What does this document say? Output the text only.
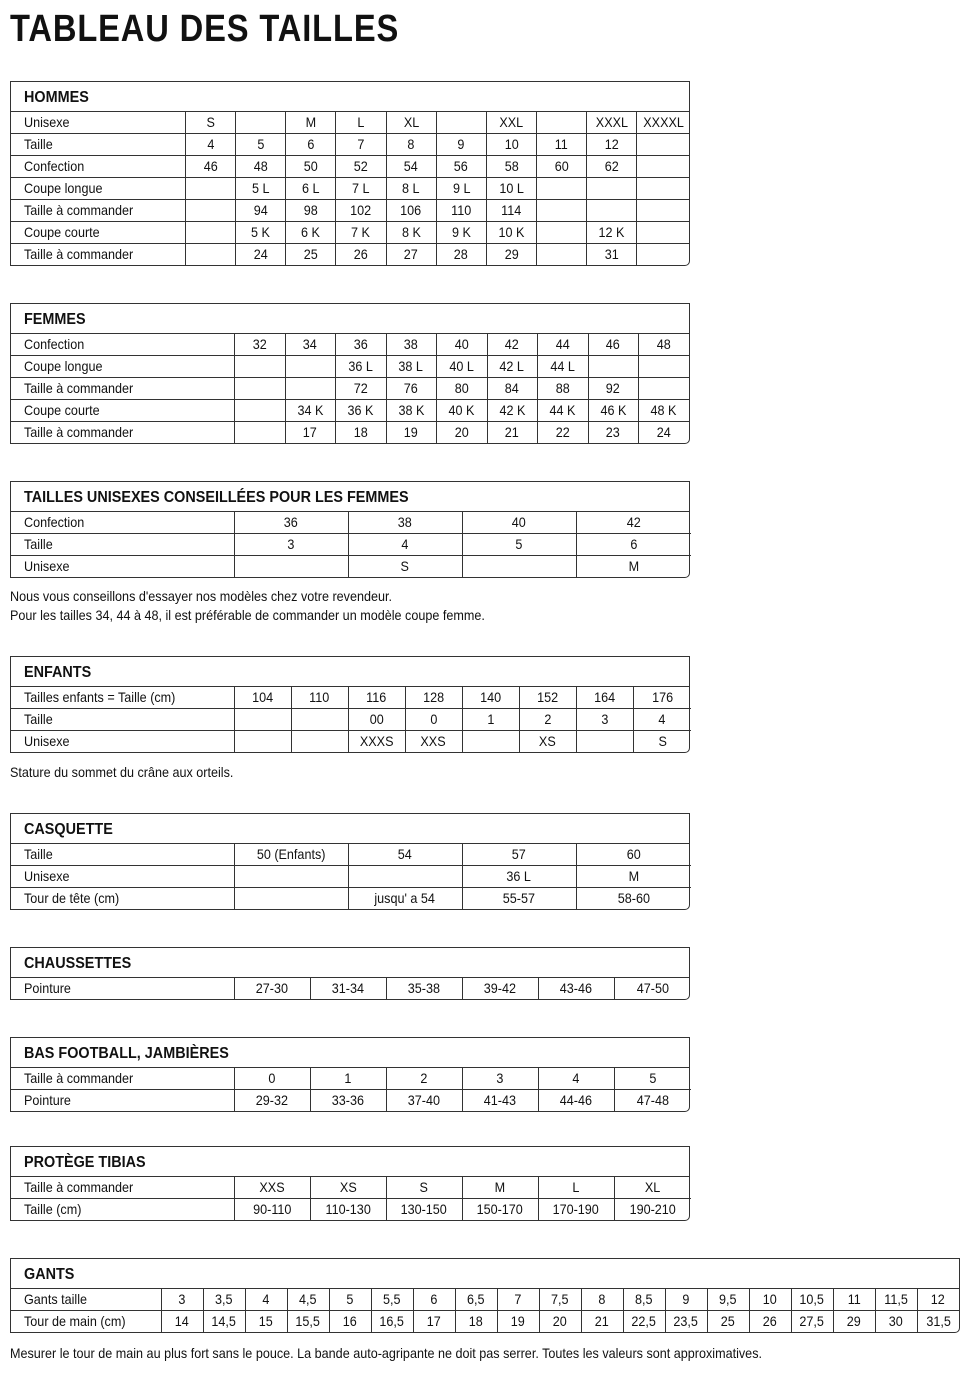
TABLEAU DES TAILLES
HOMMES
Unisexe	S		M	L	XL		XXL		XXXL	XXXXL
Taille	4	5	6	7	8	9	10	11	12	
Confection	46	48	50	52	54	56	58	60	62	
Coupe longue		5 L	6 L	7 L	8 L	9 L	10 L			
Taille à commander		94	98	102	106	110	114			
Coupe courte		5 K	6 K	7 K	8 K	9 K	10 K		12 K	
Taille à commander		24	25	26	27	28	29		31	
FEMMES
Confection	32	34	36	38	40	42	44	46	48
Coupe longue			36 L	38 L	40 L	42 L	44 L		
Taille à commander			72	76	80	84	88	92	
Coupe courte		34 K	36 K	38 K	40 K	42 K	44 K	46 K	48 K
Taille à commander		17	18	19	20	21	22	23	24
TAILLES UNISEXES CONSEILLÉES POUR LES FEMMES
Confection	36	38	40	42
Taille	3	4	5	6
Unisexe		S		M
ENFANTS
Tailles enfants = Taille (cm)	104	110	116	128	140	152	164	176
Taille			00	0	1	2	3	4
Unisexe			XXXS	XXS		XS		S
CASQUETTE
Taille	50 (Enfants)	54	57	60
Unisexe			36 L	M
Tour de tête (cm)		jusqu' a 54	55-57	58-60
CHAUSSETTES
Pointure	27-30	31-34	35-38	39-42	43-46	47-50
BAS FOOTBALL, JAMBIÈRES
Taille à commander	0	1	2	3	4	5
Pointure	29-32	33-36	37-40	41-43	44-46	47-48
PROTÈGE TIBIAS
Taille à commander	XXS	XS	S	M	L	XL
Taille (cm)	90-110	110-130	130-150	150-170	170-190	190-210
GANTS
Gants taille	3	3,5	4	4,5	5	5,5	6	6,5	7	7,5	8	8,5	9	9,5	10	10,5	11	11,5	12
Tour de main (cm)	14	14,5	15	15,5	16	16,5	17	18	19	20	21	22,5	23,5	25	26	27,5	29	30	31,5

Nous vous conseillons d'essayer nos modèles chez votre revendeur.

Pour les tailles 34, 44 à 48, il est préférable de commander un modèle coupe femme.

Stature du sommet du crâne aux orteils.

Mesurer le tour de main au plus fort sans le pouce. La bande auto-agripante ne doit pas serrer. Toutes les valeurs sont approximatives.
